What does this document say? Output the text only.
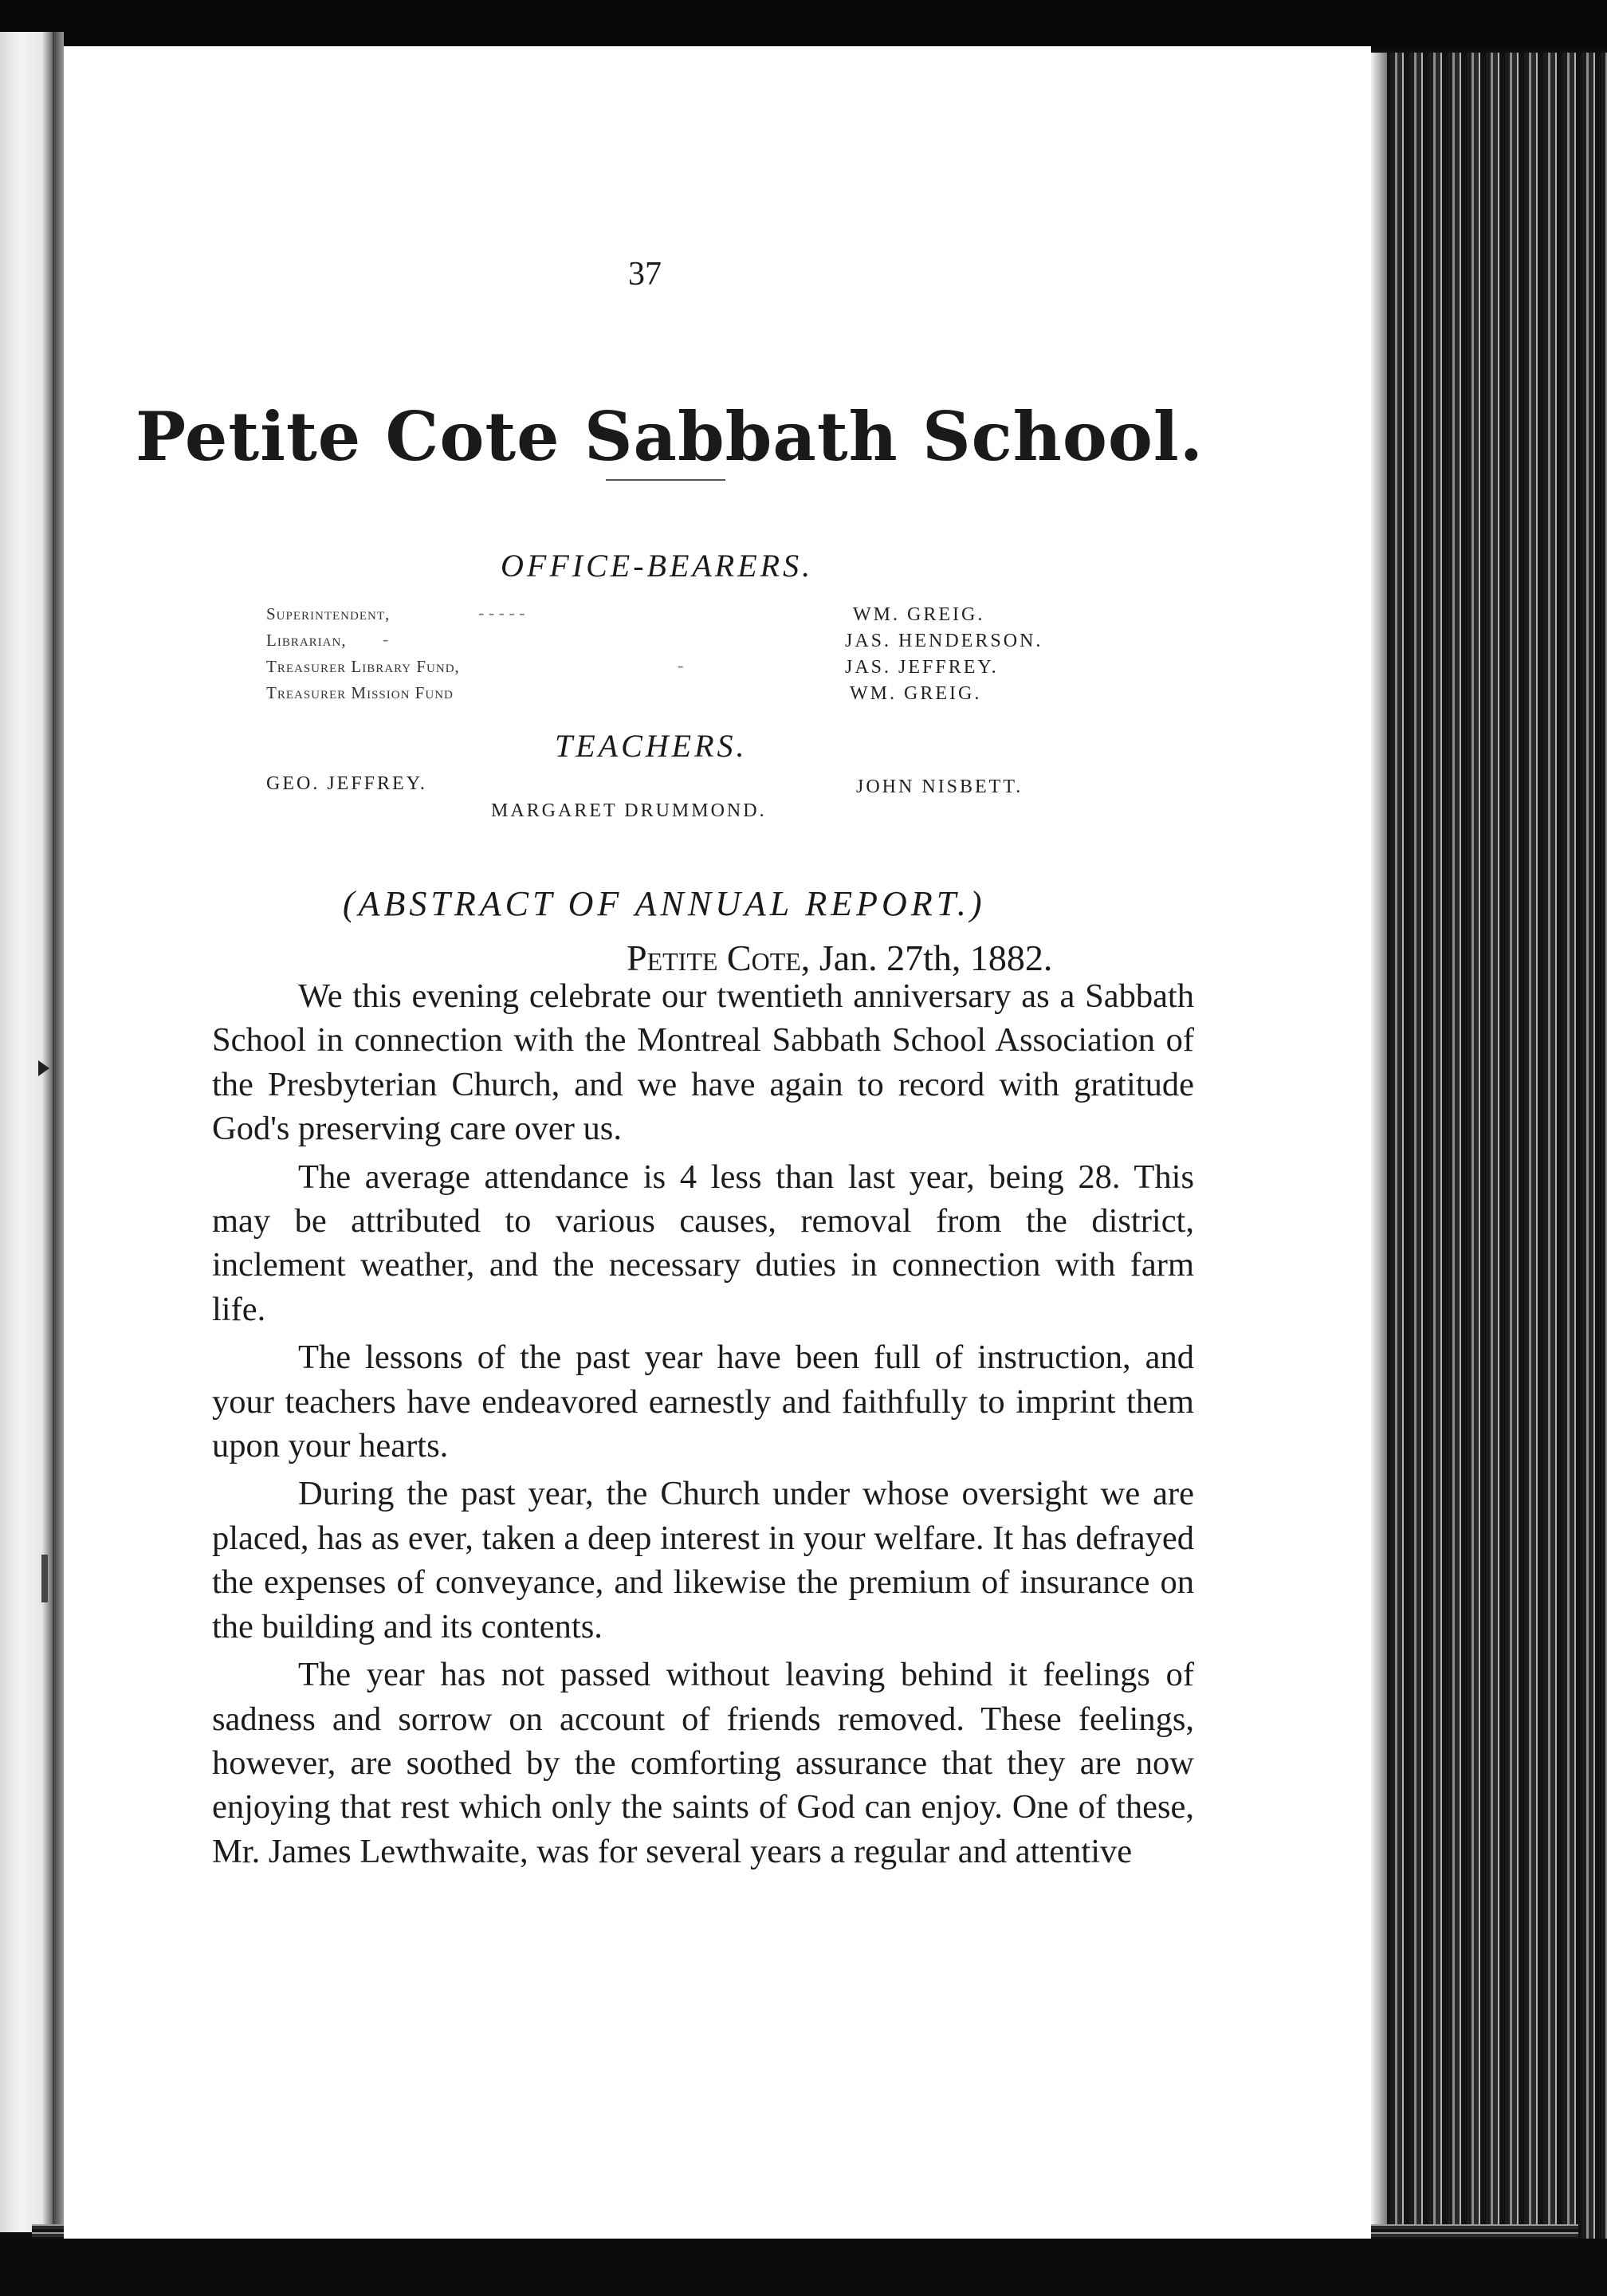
37
Petite Cote Sabbath School.
OFFICE-BEARERS.
Superintendent,	- - - - -	WM. GREIG.
Librarian, -	JAS. HENDERSON.
Treasurer Library Fund,	-	JAS. JEFFREY.
Treasurer Mission Fund	WM. GREIG.
TEACHERS.
GEO. JEFFREY.	JOHN NISBETT.
MARGARET DRUMMOND.
(ABSTRACT OF ANNUAL REPORT.)
Petite Cote, Jan. 27th, 1882.

We this evening celebrate our twentieth anniversary as a Sabbath School in connection with the Montreal Sabbath School Association of the Presbyterian Church, and we have again to record with gratitude God's preserving care over us.

The average attendance is 4 less than last year, being 28. This may be attributed to various causes, removal from the district, inclement weather, and the necessary duties in connection with farm life.

The lessons of the past year have been full of instruction, and your teachers have endeavored earnestly and faithfully to imprint them upon your hearts.

During the past year, the Church under whose oversight we are placed, has as ever, taken a deep interest in your welfare. It has defrayed the expenses of conveyance, and likewise the premium of insurance on the building and its contents.

The year has not passed without leaving behind it feelings of sadness and sorrow on account of friends removed. These feelings, however, are soothed by the comforting assurance that they are now enjoying that rest which only the saints of God can enjoy. One of these, Mr. James Lewthwaite, was for several years a regular and attentive
